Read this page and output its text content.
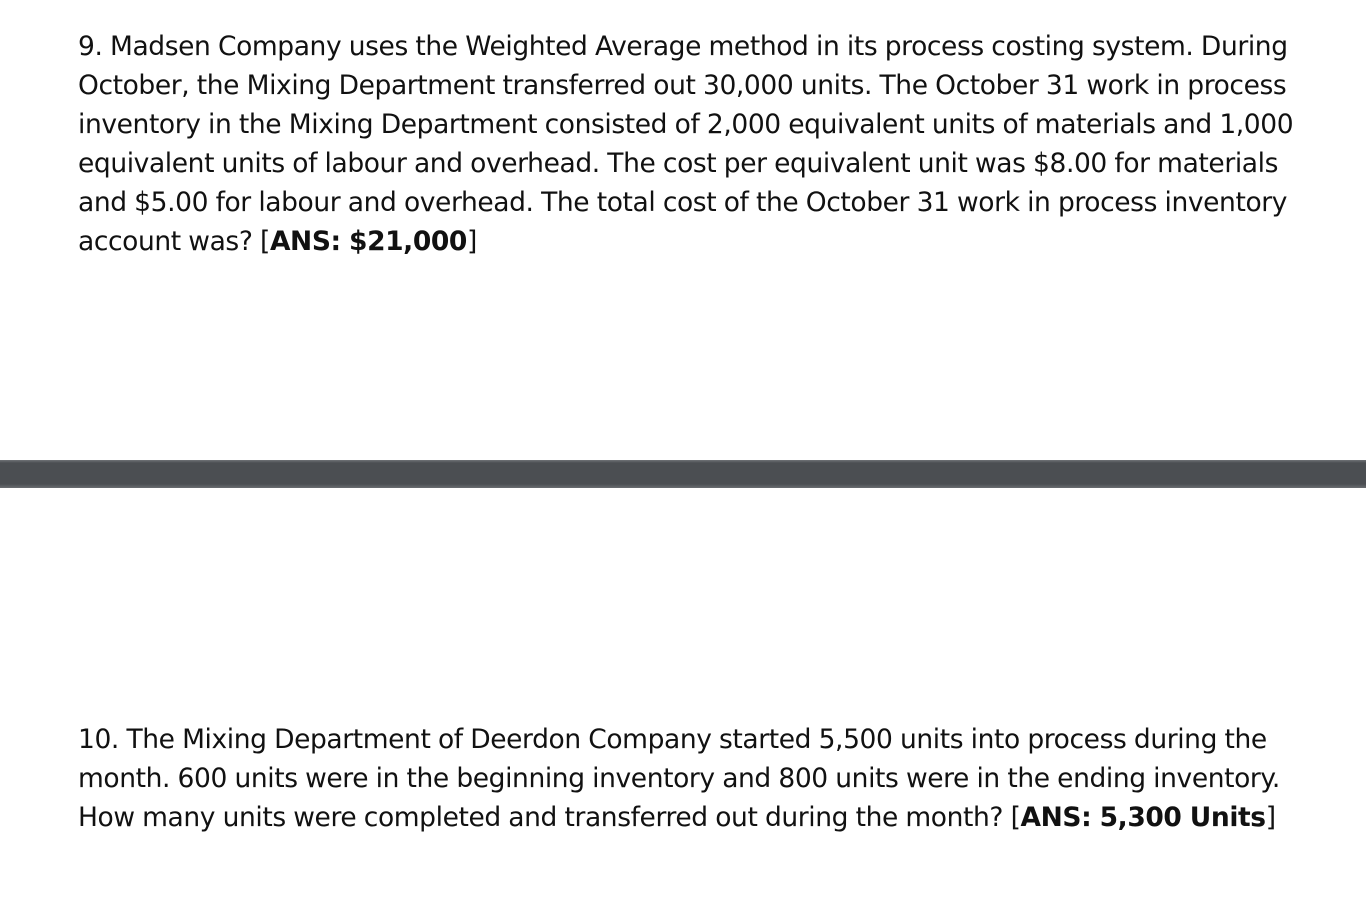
9. Madsen Company uses the Weighted Average method in its process costing system. During
October, the Mixing Department transferred out 30,000 units. The October 31 work in process
inventory in the Mixing Department consisted of 2,000 equivalent units of materials and 1,000
equivalent units of labour and overhead. The cost per equivalent unit was $8.00 for materials
and $5.00 for labour and overhead. The total cost of the October 31 work in process inventory
account was? [ANS: $21,000]

10. The Mixing Department of Deerdon Company started 5,500 units into process during the
month. 600 units were in the beginning inventory and 800 units were in the ending inventory.
How many units were completed and transferred out during the month? [ANS: 5,300 Units]
